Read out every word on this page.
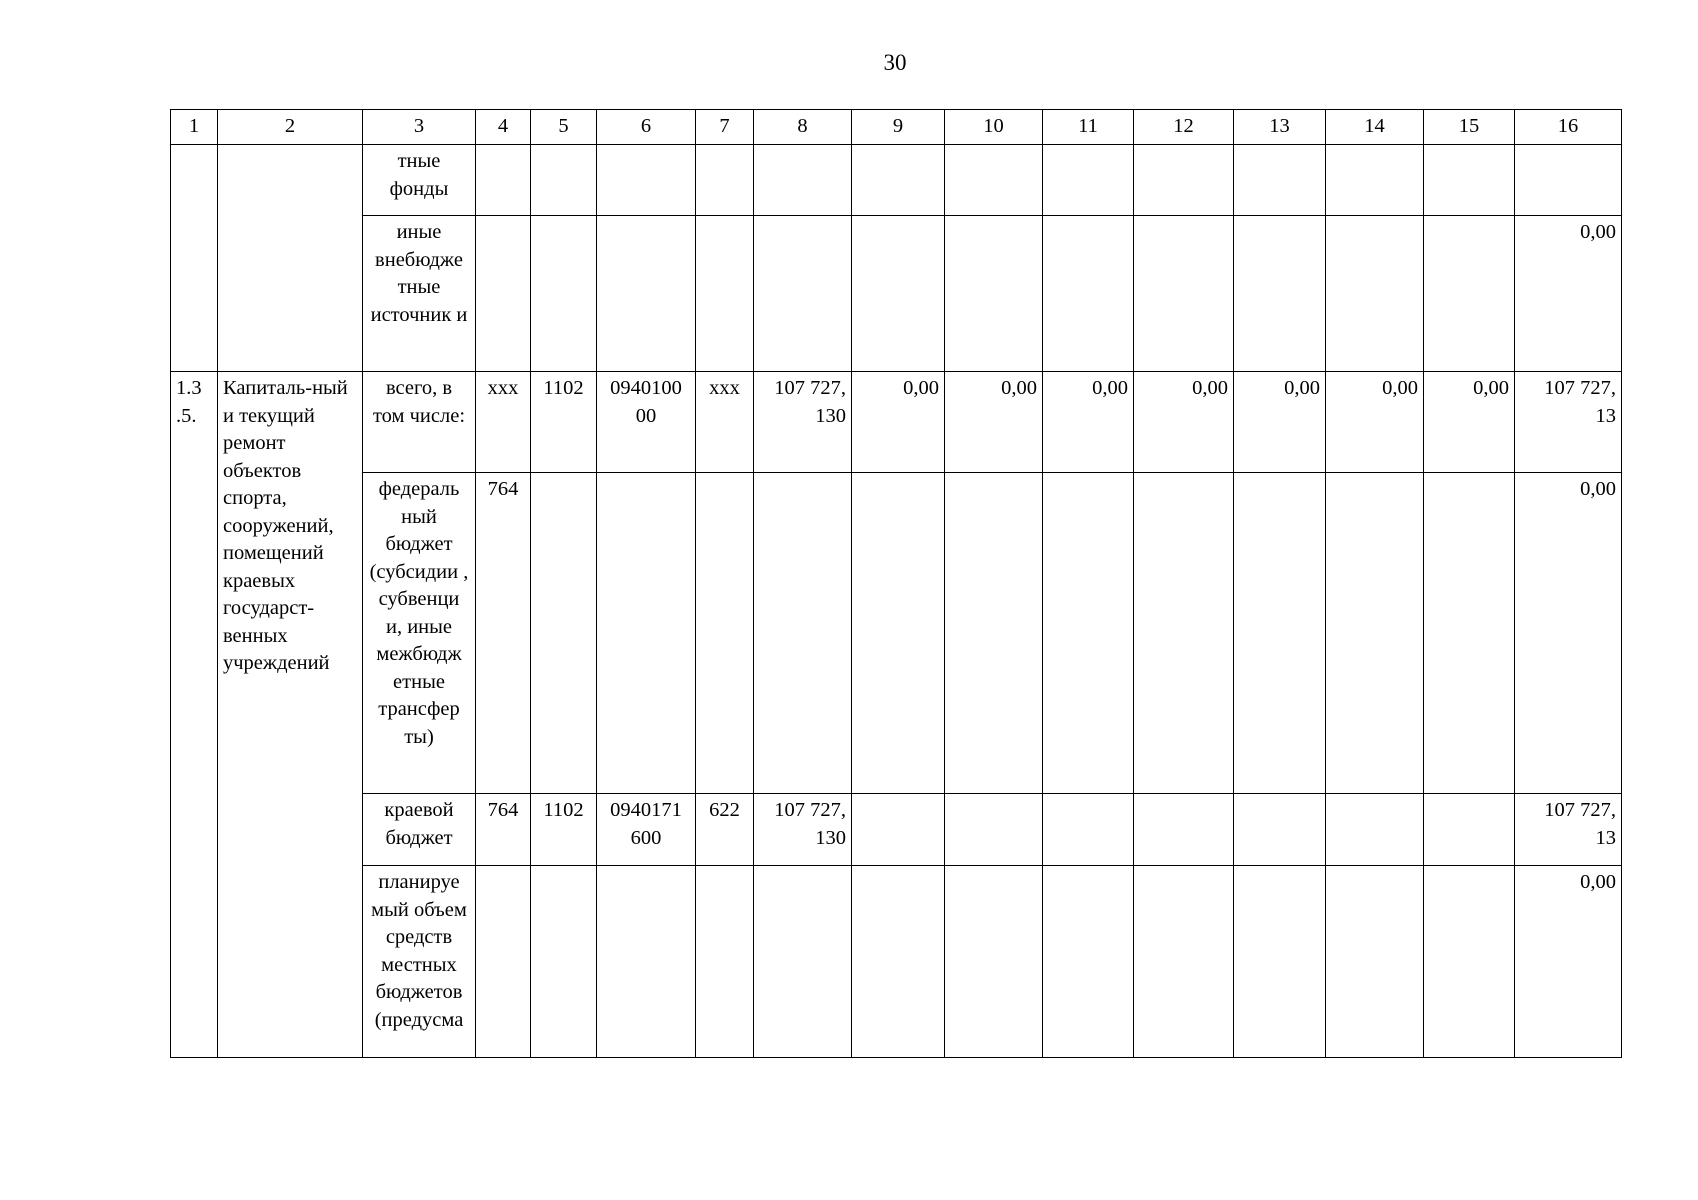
30
1	2	3	4	5	6	7	8	9	10	11	12	13	14	15	16
		тные фонды													
		иные внебюдже тные источник и													0,00
1.3 .5.	Капиталь-ный и текущий ремонт объектов спорта, сооружений, помещений краевых государст-венных учреждений	всего, в том числе:	ххх	1102	0940100 00	ххх	107 727, 130	0,00	0,00	0,00	0,00	0,00	0,00	0,00	107 727, 13
		федераль ный бюджет (субсидии , субвенци и, иные межбюдж етные трансфер ты)	764												0,00
		краевой бюджет	764	1102	0940171 600	622	107 727, 130								107 727, 13
		планируе мый объем средств местных бюджетов (предусма													0,00
